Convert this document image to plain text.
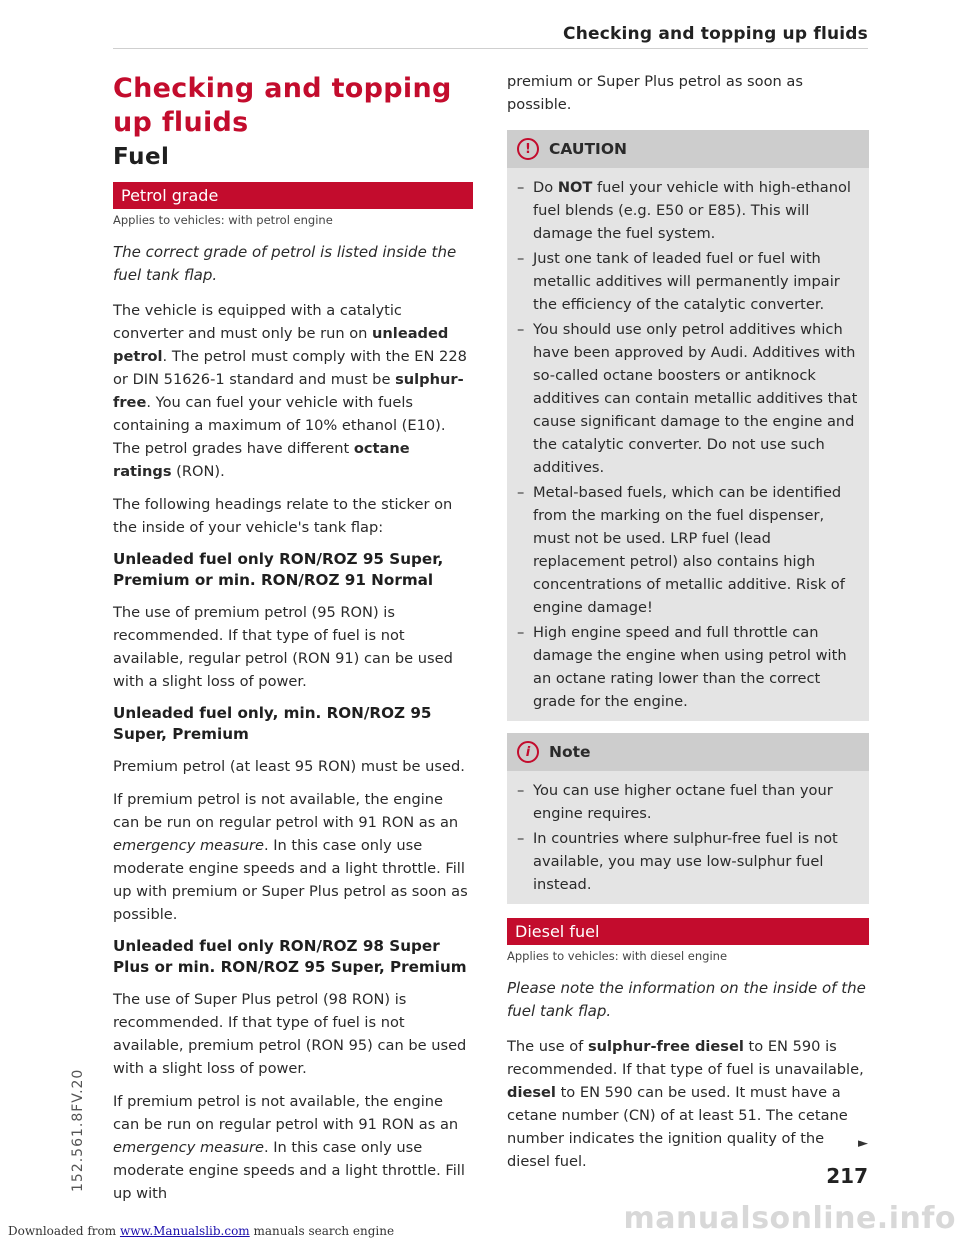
Checking and topping up fluids
Checking and topping up fluids
Fuel
Petrol grade
Applies to vehicles: with petrol engine
The correct grade of petrol is listed inside the fuel tank flap.

The vehicle is equipped with a catalytic converter and must only be run on unleaded petrol. The petrol must comply with the EN 228 or DIN 51626-1 standard and must be sulphur-free. You can fuel your vehicle with fuels containing a maximum of 10% ethanol (E10). The petrol grades have different octane ratings (RON).

The following headings relate to the sticker on the inside of your vehicle's tank flap:

Unleaded fuel only RON/ROZ 95 Super, Premium or min. RON/ROZ 91 Normal

The use of premium petrol (95 RON) is recommended. If that type of fuel is not available, regular petrol (RON 91) can be used with a slight loss of power.

Unleaded fuel only, min. RON/ROZ 95 Super, Premium

Premium petrol (at least 95 RON) must be used.

If premium petrol is not available, the engine can be run on regular petrol with 91 RON as an emergency measure. In this case only use moderate engine speeds and a light throttle. Fill up with premium or Super Plus petrol as soon as possible.

Unleaded fuel only RON/ROZ 98 Super Plus or min. RON/ROZ 95 Super, Premium

The use of Super Plus petrol (98 RON) is recommended. If that type of fuel is not available, premium petrol (RON 95) can be used with a slight loss of power.

If premium petrol is not available, the engine can be run on regular petrol with 91 RON as an emergency measure. In this case only use moderate engine speeds and a light throttle. Fill up with

premium or Super Plus petrol as soon as possible.

!	CAUTION
– Do NOT fuel your vehicle with high-ethanol fuel blends (e.g. E50 or E85). This will damage the fuel system.
– Just one tank of leaded fuel or fuel with metallic additives will permanently impair the efficiency of the catalytic converter.
– You should use only petrol additives which have been approved by Audi. Additives with so-called octane boosters or antiknock additives can contain metallic additives that cause significant damage to the engine and the catalytic converter. Do not use such additives.
– Metal-based fuels, which can be identified from the marking on the fuel dispenser, must not be used. LRP fuel (lead replacement petrol) also contains high concentrations of metallic additive. Risk of engine damage!
– High engine speed and full throttle can damage the engine when using petrol with an octane rating lower than the correct grade for the engine.
i	Note
– You can use higher octane fuel than your engine requires.
– In countries where sulphur-free fuel is not available, you may use low-sulphur fuel instead.
Diesel fuel
Applies to vehicles: with diesel engine
Please note the information on the inside of the fuel tank flap.

The use of sulphur-free diesel to EN 590 is recommended. If that type of fuel is unavailable, diesel to EN 590 can be used. It must have a cetane number (CN) of at least 51. The cetane number indicates the ignition quality of the diesel fuel.

►
152.561.8FV.20	217
Downloaded from www.Manualslib.com manuals search engine	manualsonline.info
